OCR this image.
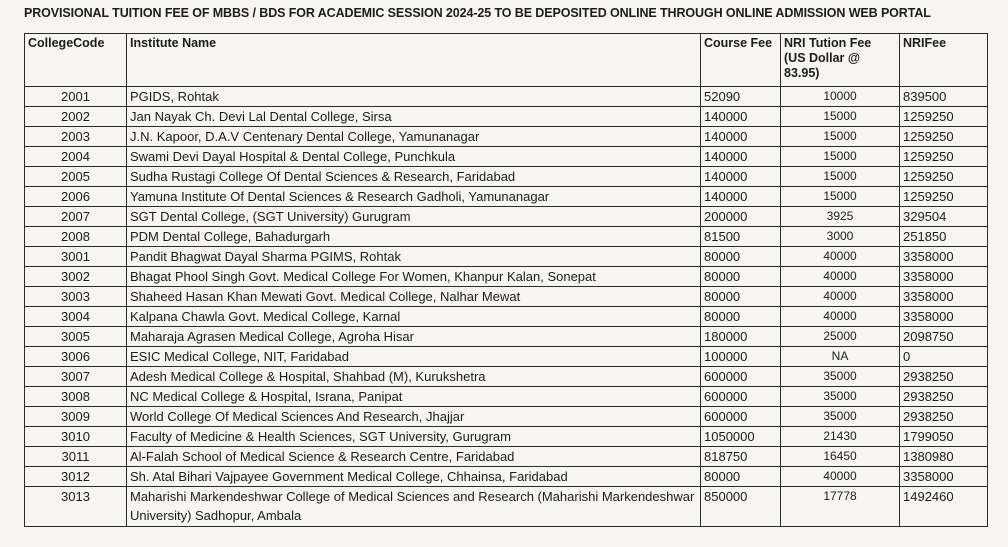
PROVISIONAL TUITION FEE OF MBBS / BDS FOR ACADEMIC SESSION 2024-25 TO BE DEPOSITED ONLINE THROUGH ONLINE ADMISSION WEB PORTAL
CollegeCode	Institute Name	Course Fee	NRI Tution Fee (US Dollar @ 83.95)	NRIFee
2001	PGIDS, Rohtak	52090	10000	839500
2002	Jan Nayak Ch. Devi Lal Dental College, Sirsa	140000	15000	1259250
2003	J.N. Kapoor, D.A.V Centenary Dental College, Yamunanagar	140000	15000	1259250
2004	Swami Devi Dayal Hospital & Dental College, Punchkula	140000	15000	1259250
2005	Sudha Rustagi College Of Dental Sciences & Research, Faridabad	140000	15000	1259250
2006	Yamuna Institute Of Dental Sciences & Research Gadholi, Yamunanagar	140000	15000	1259250
2007	SGT Dental College, (SGT University) Gurugram	200000	3925	329504
2008	PDM Dental College, Bahadurgarh	81500	3000	251850
3001	Pandit Bhagwat Dayal Sharma PGIMS, Rohtak	80000	40000	3358000
3002	Bhagat Phool Singh Govt. Medical College For Women, Khanpur Kalan, Sonepat	80000	40000	3358000
3003	Shaheed Hasan Khan Mewati Govt. Medical College, Nalhar Mewat	80000	40000	3358000
3004	Kalpana Chawla Govt. Medical College, Karnal	80000	40000	3358000
3005	Maharaja Agrasen Medical College, Agroha Hisar	180000	25000	2098750
3006	ESIC Medical College, NIT, Faridabad	100000	NA	0
3007	Adesh Medical College & Hospital, Shahbad (M), Kurukshetra	600000	35000	2938250
3008	NC Medical College & Hospital, Israna, Panipat	600000	35000	2938250
3009	World College Of Medical Sciences And Research, Jhajjar	600000	35000	2938250
3010	Faculty of Medicine & Health Sciences, SGT University, Gurugram	1050000	21430	1799050
3011	Al-Falah School of Medical Science & Research Centre, Faridabad	818750	16450	1380980
3012	Sh. Atal Bihari Vajpayee Government Medical College, Chhainsa, Faridabad	80000	40000	3358000
3013	Maharishi Markendeshwar College of Medical Sciences and Research (Maharishi Markendeshwar University) Sadhopur, Ambala	850000	17778	1492460
